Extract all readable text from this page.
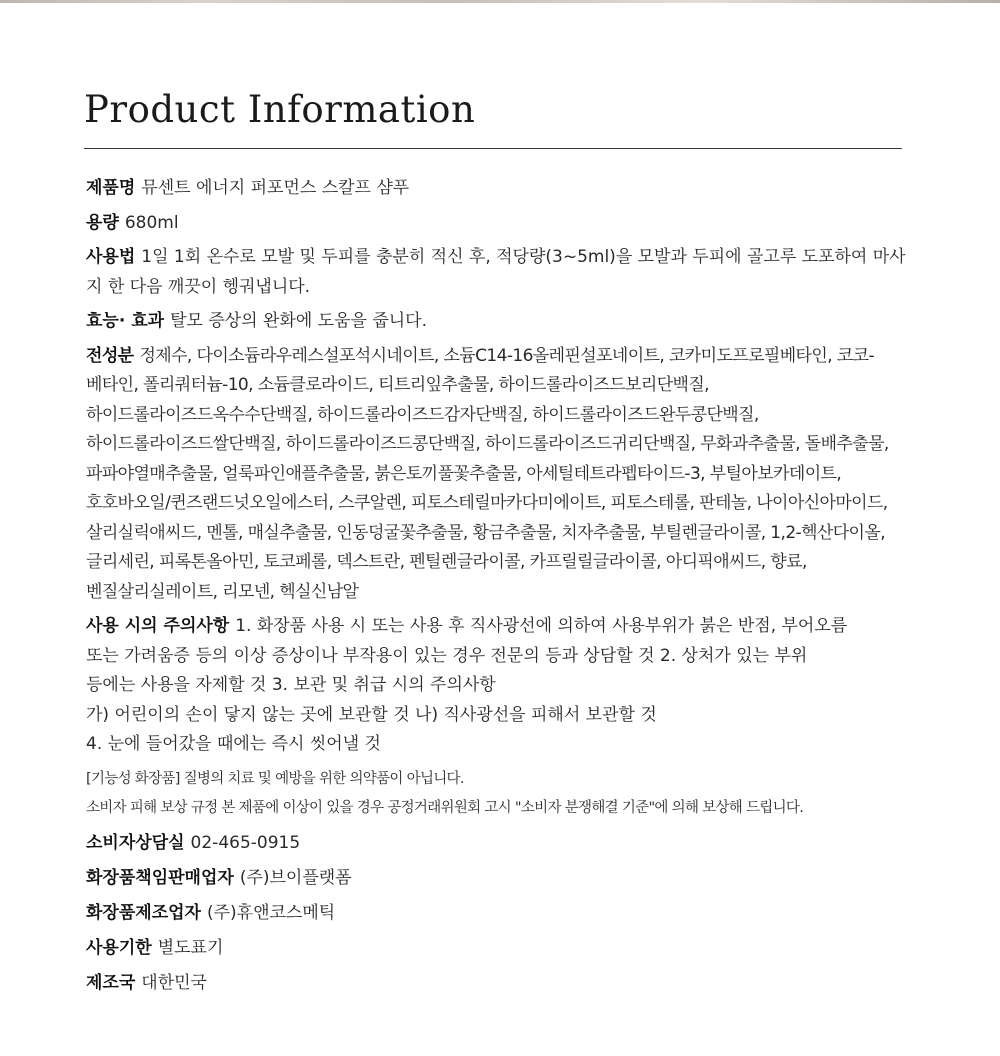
Product Information

제품명 뮤센트 에너지 퍼포먼스 스칼프 샴푸

용량 680ml

사용법 1일 1회 온수로 모발 및 두피를 충분히 적신 후, 적당량(3~5ml)을 모발과 두피에 골고루 도포하여 마사지 한 다음 깨끗이 헹궈냅니다.

효능· 효과 탈모 증상의 완화에 도움을 줍니다.

전성분 정제수, 다이소듐라우레스설포석시네이트, 소듐C14-16올레핀설포네이트, 코카미도프로필베타인, 코코-베타인, 폴리쿼터늄-10, 소듐클로라이드, 티트리잎추출물, 하이드롤라이즈드보리단백질, 하이드롤라이즈드옥수수단백질, 하이드롤라이즈드감자단백질, 하이드롤라이즈드완두콩단백질, 하이드롤라이즈드쌀단백질, 하이드롤라이즈드콩단백질, 하이드롤라이즈드귀리단백질, 무화과추출물, 돌배추출물, 파파야열매추출물, 얼룩파인애플추출물, 붉은토끼풀꽃추출물, 아세틸테트라펩타이드-3, 부틸아보카데이트, 호호바오일/퀸즈랜드넛오일에스터, 스쿠알렌, 피토스테릴마카다미에이트, 피토스테롤, 판테놀, 나이아신아마이드, 살리실릭애씨드, 멘톨, 매실추출물, 인동덩굴꽃추출물, 황금추출물, 치자추출물, 부틸렌글라이콜, 1,2-헥산다이올, 글리세린, 피록톤올아민, 토코페롤, 덱스트란, 펜틸렌글라이콜, 카프릴릴글라이콜, 아디픽애씨드, 향료, 벤질살리실레이트, 리모넨, 헥실신남알

사용 시의 주의사항 1. 화장품 사용 시 또는 사용 후 직사광선에 의하여 사용부위가 붉은 반점, 부어오름
또는 가려움증 등의 이상 증상이나 부작용이 있는 경우 전문의 등과 상담할 것 2. 상처가 있는 부위
등에는 사용을 자제할 것 3. 보관 및 취급 시의 주의사항
가) 어린이의 손이 닿지 않는 곳에 보관할 것 나) 직사광선을 피해서 보관할 것
4. 눈에 들어갔을 때에는 즉시 씻어낼 것
[기능성 화장품] 질병의 치료 및 예방을 위한 의약품이 아닙니다.
소비자 피해 보상 규정 본 제품에 이상이 있을 경우 공정거래위원회 고시 "소비자 분쟁해결 기준"에 의해 보상해 드립니다.

소비자상담실 02-465-0915

화장품책임판매업자 (주)브이플랫폼

화장품제조업자 (주)휴앤코스메틱

사용기한 별도표기

제조국 대한민국
